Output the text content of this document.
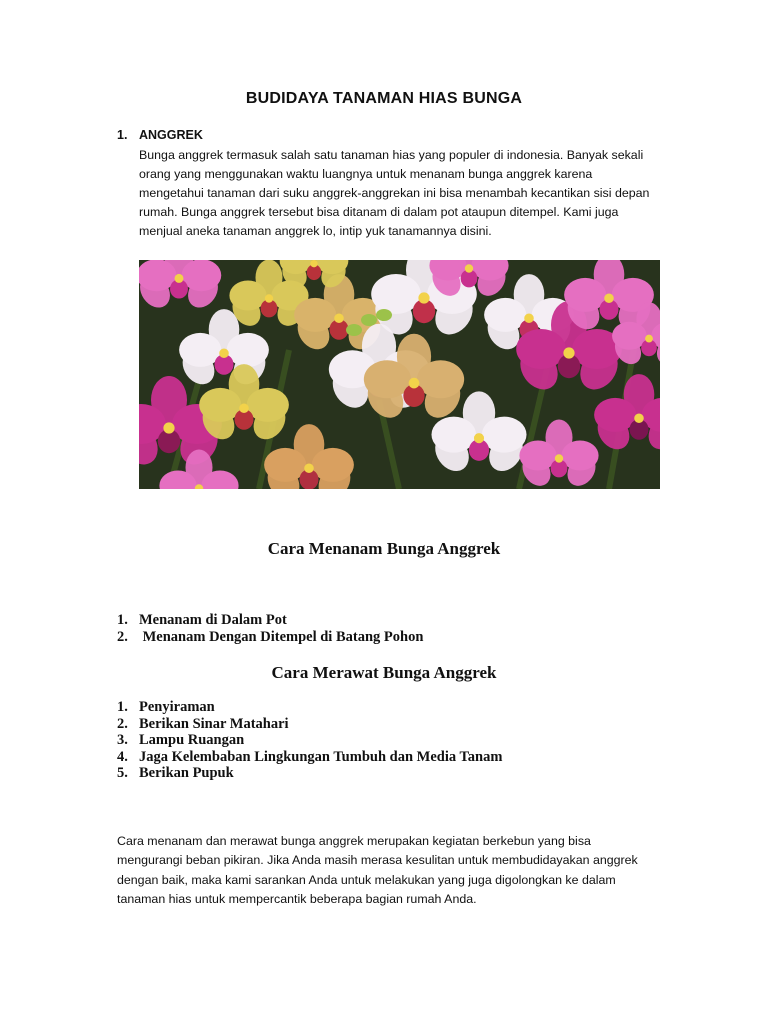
BUDIDAYA TANAMAN HIAS BUNGA
1. ANGGREK
Bunga anggrek termasuk salah satu tanaman hias yang populer di indonesia. Banyak sekali
orang yang menggunakan waktu luangnya untuk menanam bunga anggrek karena
mengetahui tanaman dari suku anggrek-anggrekan ini bisa menambah kecantikan sisi depan
rumah. Bunga anggrek tersebut bisa ditanam di dalam pot ataupun ditempel. Kami juga
menjual aneka tanaman anggrek lo, intip yuk tanamannya disini.
Cara Menanam Bunga Anggrek
1. Menanam di Dalam Pot
2. Menanam Dengan Ditempel di Batang Pohon
Cara Merawat Bunga Anggrek
1. Penyiraman
2. Berikan Sinar Matahari
3. Lampu Ruangan
4. Jaga Kelembaban Lingkungan Tumbuh dan Media Tanam
5. Berikan Pupuk
Cara menanam dan merawat bunga anggrek merupakan kegiatan berkebun yang bisa
mengurangi beban pikiran. Jika Anda masih merasa kesulitan untuk membudidayakan anggrek
dengan baik, maka kami sarankan Anda untuk melakukan yang juga digolongkan ke dalam
tanaman hias untuk mempercantik beberapa bagian rumah Anda.
